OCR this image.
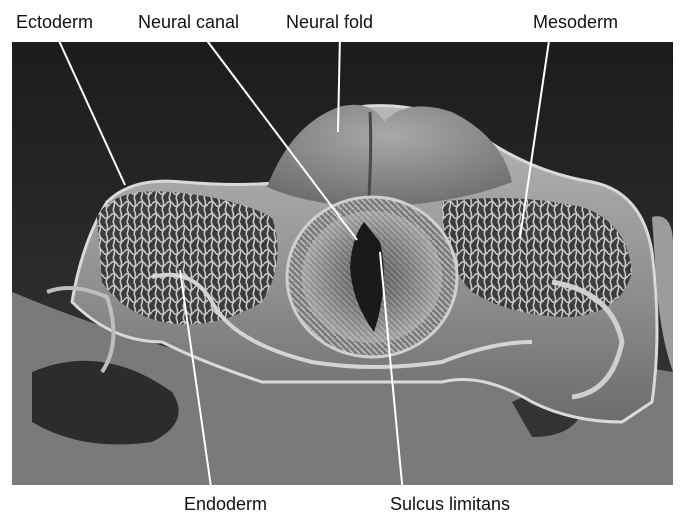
Ectoderm Neural canal	Neural fold	Mesoderm
Endoderm	Sulcus limitans
